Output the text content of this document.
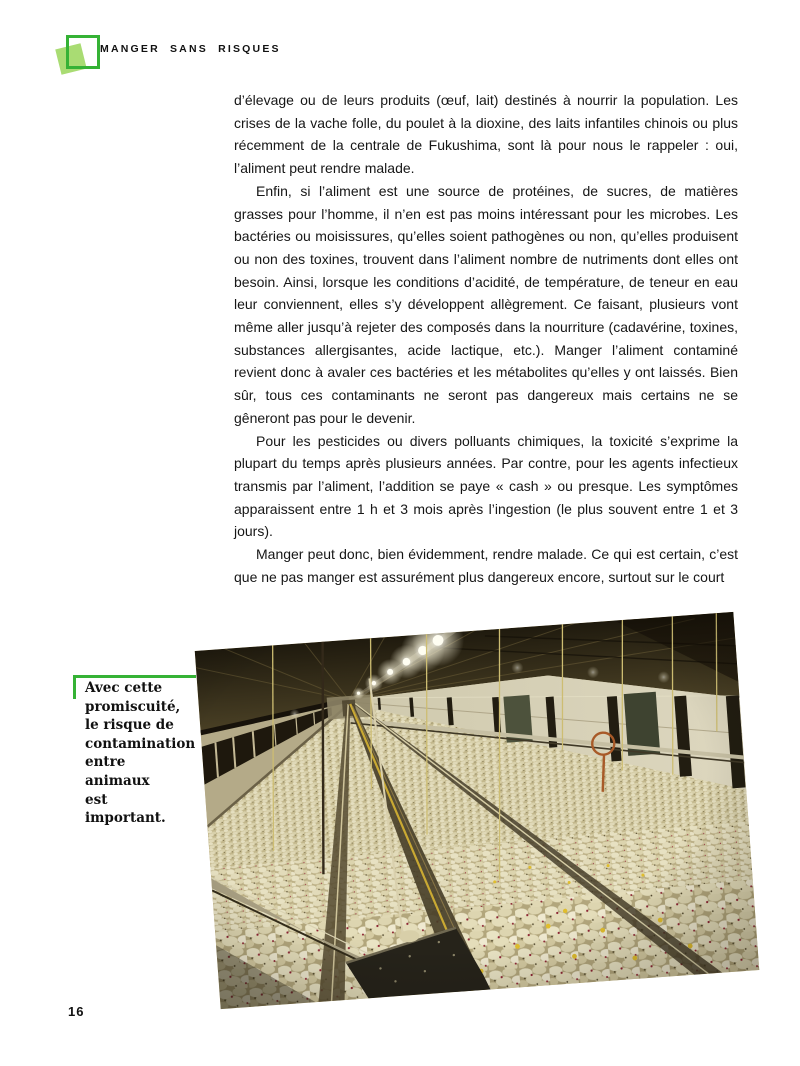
MANGER SANS RISQUES

d’élevage ou de leurs produits (œuf, lait) destinés à nourrir la population. Les crises de la vache folle, du poulet à la dioxine, des laits infantiles chinois ou plus récemment de la centrale de Fukushima, sont là pour nous le rappeler : oui, l’aliment peut rendre malade.

Enfin, si l’aliment est une source de protéines, de sucres, de matières grasses pour l’homme, il n’en est pas moins intéressant pour les microbes. Les bactéries ou moisissures, qu’elles soient pathogènes ou non, qu’elles produisent ou non des toxines, trouvent dans l’aliment nombre de nutriments dont elles ont besoin. Ainsi, lorsque les conditions d’acidité, de température, de teneur en eau leur conviennent, elles s’y développent allègrement. Ce faisant, plusieurs vont même aller jusqu’à rejeter des composés dans la nourriture (cadavérine, toxines, substances allergisantes, acide lactique, etc.). Manger l’aliment contaminé revient donc à avaler ces bactéries et les métabolites qu’elles y ont laissés. Bien sûr, tous ces contaminants ne seront pas dangereux mais certains ne se gêneront pas pour le devenir.

Pour les pesticides ou divers polluants chimiques, la toxicité s’exprime la plupart du temps après plusieurs années. Par contre, pour les agents infectieux transmis par l’aliment, l’addition se paye « cash » ou presque. Les symptômes apparaissent entre 1 h et 3 mois après l’ingestion (le plus souvent entre 1 et 3 jours).

Manger peut donc, bien évidemment, rendre malade. Ce qui est certain, c’est que ne pas manger est assurément plus dangereux encore, surtout sur le court

Avec cette
promiscuité,
le risque de
contamination
entre animaux
est important.
16
